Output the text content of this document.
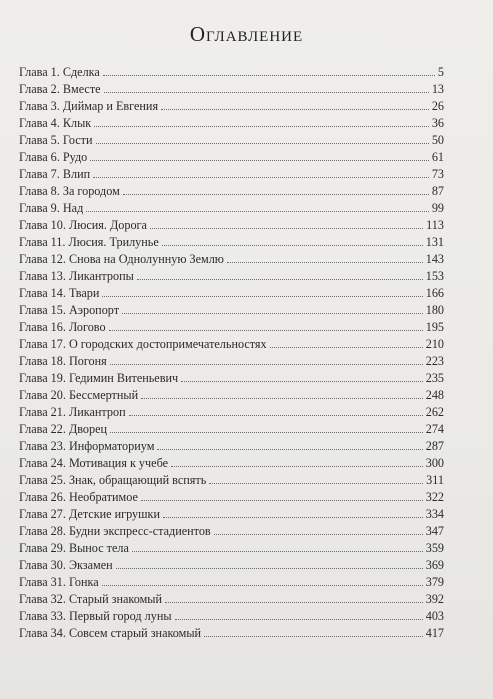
Оглавление
Глава 1. Сделка	5
Глава 2. Вместе	13
Глава 3. Диймар и Евгения	26
Глава 4. Клык	36
Глава 5. Гости	50
Глава 6. Рудо	61
Глава 7. Влип	73
Глава 8. За городом	87
Глава 9. Над	99
Глава 10. Люсия. Дорога	113
Глава 11. Люсия. Трилунье	131
Глава 12. Снова на Однолунную Землю	143
Глава 13. Ликантропы	153
Глава 14. Твари	166
Глава 15. Аэропорт	180
Глава 16. Логово	195
Глава 17. О городских достопримечательностях	210
Глава 18. Погоня	223
Глава 19. Гедимин Витеньевич	235
Глава 20. Бессмертный	248
Глава 21. Ликантроп	262
Глава 22. Дворец	274
Глава 23. Информаториум	287
Глава 24. Мотивация к учебе	300
Глава 25. Знак, обращающий вспять	311
Глава 26. Необратимое	322
Глава 27. Детские игрушки	334
Глава 28. Будни экспресс-стадиентов	347
Глава 29. Вынос тела	359
Глава 30. Экзамен	369
Глава 31. Гонка	379
Глава 32. Старый знакомый	392
Глава 33. Первый город луны	403
Глава 34. Совсем старый знакомый	417
